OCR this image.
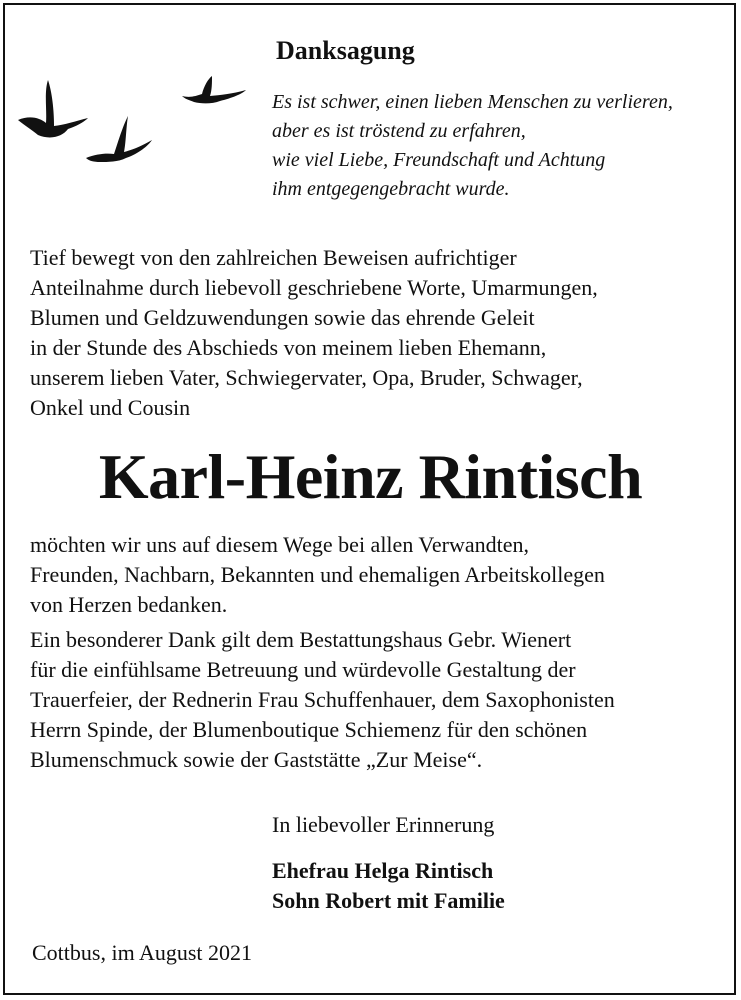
Danksagung

Es ist schwer, einen lieben Menschen zu verlieren,
aber es ist tröstend zu erfahren,
wie viel Liebe, Freundschaft und Achtung
ihm entgegengebracht wurde.

Tief bewegt von den zahlreichen Beweisen aufrichtiger
Anteilnahme durch liebevoll geschriebene Worte, Umarmungen,
Blumen und Geldzuwendungen sowie das ehrende Geleit
in der Stunde des Abschieds von meinem lieben Ehemann,
unserem lieben Vater, Schwiegervater, Opa, Bruder, Schwager,
Onkel und Cousin

Karl-Heinz Rintisch

möchten wir uns auf diesem Wege bei allen Verwandten,
Freunden, Nachbarn, Bekannten und ehemaligen Arbeitskollegen
von Herzen bedanken.

Ein besonderer Dank gilt dem Bestattungshaus Gebr. Wienert
für die einfühlsame Betreuung und würdevolle Gestaltung der
Trauerfeier, der Rednerin Frau Schuffenhauer, dem Saxophonisten
Herrn Spinde, der Blumenboutique Schiemenz für den schönen
Blumenschmuck sowie der Gaststätte „Zur Meise“.

In liebevoller Erinnerung

Ehefrau Helga Rintisch
Sohn Robert mit Familie

Cottbus, im August 2021
